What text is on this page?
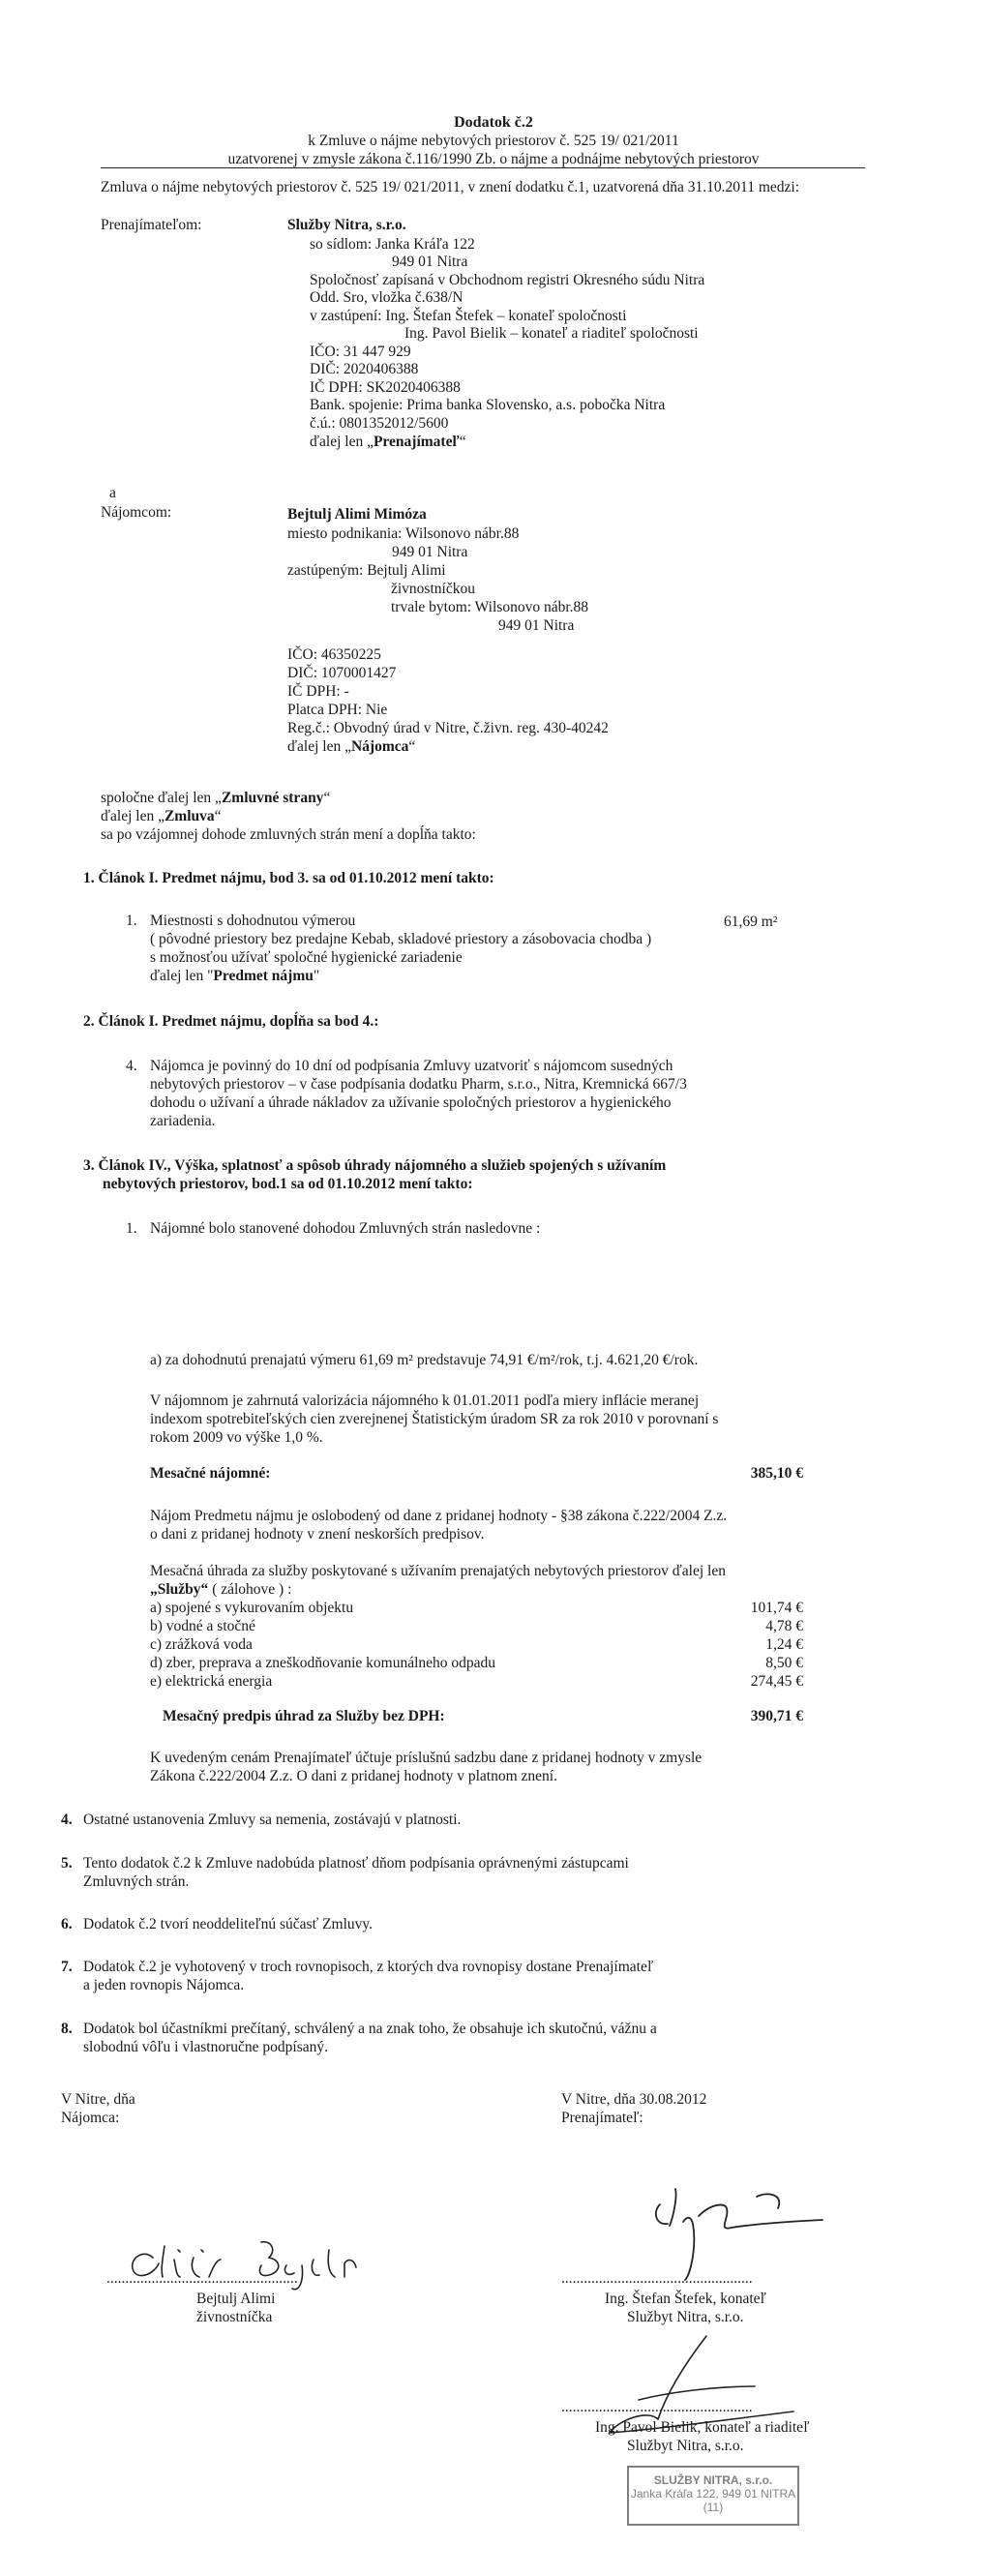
Dodatok č.2
k Zmluve o nájme nebytových priestorov č. 525 19/ 021/2011
uzatvorenej v zmysle zákona č.116/1990 Zb. o nájme a podnájme nebytových priestorov
Zmluva o nájme nebytových priestorov č. 525 19/ 021/2011, v znení dodatku č.1, uzatvorená dňa 31.10.2011 medzi:
Prenajímateľom:	Služby Nitra, s.r.o.
so sídlom: Janka Kráľa 122
949 01 Nitra
Spoločnosť zapísaná v Obchodnom registri Okresného súdu Nitra
Odd. Sro, vložka č.638/N
v zastúpení: Ing. Štefan Štefek – konateľ spoločnosti
Ing. Pavol Bielik – konateľ a riaditeľ spoločnosti
IČO: 31 447 929
DIČ: 2020406388
IČ DPH: SK2020406388
Bank. spojenie: Prima banka Slovensko, a.s. pobočka Nitra
č.ú.: 0801352012/5600
ďalej len „Prenajímateľ“
a
Nájomcom:	Bejtulj Alimi Mimóza
miesto podnikania: Wilsonovo nábr.88
949 01 Nitra
zastúpeným: Bejtulj Alimi
živnostníčkou
trvale bytom: Wilsonovo nábr.88
949 01 Nitra
IČO: 46350225
DIČ: 1070001427
IČ DPH: -
Platca DPH: Nie
Reg.č.: Obvodný úrad v Nitre, č.živn. reg. 430-40242
ďalej len „Nájomca“
spoločne ďalej len „Zmluvné strany“
ďalej len „Zmluva“
sa po vzájomnej dohode zmluvných strán mení a dopĺňa takto:
1. Článok I. Predmet nájmu, bod 3. sa od 01.10.2012 mení takto:
1. Miestnosti s dohodnutou výmerou	61,69 m²
( pôvodné priestory bez predajne Kebab, skladové priestory a zásobovacia chodba )
s možnosťou užívať spoločné hygienické zariadenie
ďalej len "Predmet nájmu"
2. Článok I. Predmet nájmu, dopĺňa sa bod 4.:
4. Nájomca je povinný do 10 dní od podpísania Zmluvy uzatvoriť s nájomcom susedných
nebytových priestorov – v čase podpísania dodatku Pharm, s.r.o., Nitra, Kremnická 667/3
dohodu o užívaní a úhrade nákladov za užívanie spoločných priestorov a hygienického
zariadenia.
3. Článok IV., Výška, splatnosť a spôsob úhrady nájomného a služieb spojených s užívaním
nebytových priestorov, bod.1 sa od 01.10.2012 mení takto:
1. Nájomné bolo stanovené dohodou Zmluvných strán nasledovne :
a) za dohodnutú prenajatú výmeru 61,69 m² predstavuje 74,91 €/m²/rok, t.j. 4.621,20 €/rok.
V nájomnom je zahrnutá valorizácia nájomného k 01.01.2011 podľa miery inflácie meranej
indexom spotrebiteľských cien zverejnenej Štatistickým úradom SR za rok 2010 v porovnaní s
rokom 2009 vo výške 1,0 %.
Mesačné nájomné:	385,10 €
Nájom Predmetu nájmu je oslobodený od dane z pridanej hodnoty - §38 zákona č.222/2004 Z.z.
o dani z pridanej hodnoty v znení neskorších predpisov.
Mesačná úhrada za služby poskytované s užívaním prenajatých nebytových priestorov ďalej len
„Služby“ ( zálohove ) :
a) spojené s vykurovaním objektu	101,74 €
b) vodné a stočné	4,78 €
c) zrážková voda	1,24 €
d) zber, preprava a zneškodňovanie komunálneho odpadu	8,50 €
e) elektrická energia	274,45 €
Mesačný predpis úhrad za Služby bez DPH:	390,71 €
K uvedeným cenám Prenajímateľ účtuje príslušnú sadzbu dane z pridanej hodnoty v zmysle
Zákona č.222/2004 Z.z. O dani z pridanej hodnoty v platnom znení.
4. Ostatné ustanovenia Zmluvy sa nemenia, zostávajú v platnosti.
5. Tento dodatok č.2 k Zmluve nadobúda platnosť dňom podpísania oprávnenými zástupcami
Zmluvných strán.
6. Dodatok č.2 tvorí neoddeliteľnú súčasť Zmluvy.
7. Dodatok č.2 je vyhotovený v troch rovnopisoch, z ktorých dva rovnopisy dostane Prenajímateľ
a jeden rovnopis Nájomca.
8. Dodatok bol účastníkmi prečítaný, schválený a na znak toho, že obsahuje ich skutočnú, vážnu a
slobodnú vôľu i vlastnoručne podpísaný.
V Nitre, dňa
Nájomca:
V Nitre, dňa 30.08.2012
Prenajímateľ:
...................................................
Bejtulj Alimi
živnostníčka
...................................................
Ing. Štefan Štefek, konateľ
Službyt Nitra, s.r.o.
...................................................
Ing. Pavol Bielik, konateľ a riaditeľ
Službyt Nitra, s.r.o.
SLUŽBY NITRA, s.r.o.
Janka Kráľa 122, 949 01 NITRA
(11)
